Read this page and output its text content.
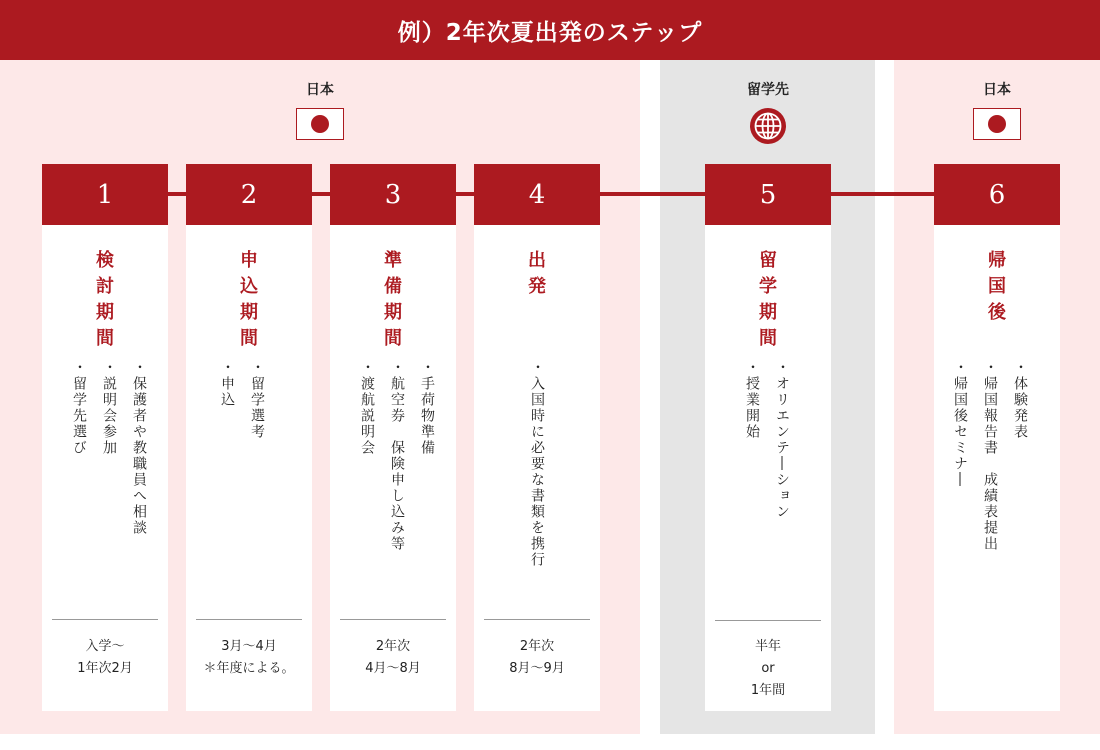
例）2年次夏出発のステップ
日本	留学先	日本
1
検
討
期
間
・保護者や教職員へ相談
・説明会参加
・留学先選び
入学〜
1年次2月
2
申
込
期
間
・留学選考
・申込
3月〜4月
＊年度による。
3
準
備
期
間
・手荷物準備
・航空券　保険申し込み等
・渡航説明会
2年次
4月〜8月
4
出
発
・入国時に必要な書類を携行
2年次
8月〜9月
5
留
学
期
間
・オリエンテ―ション
・授業開始
半年
or
1年間
6
帰
国
後
・体験発表
・帰国報告書　成績表提出
・帰国後セミナ―
